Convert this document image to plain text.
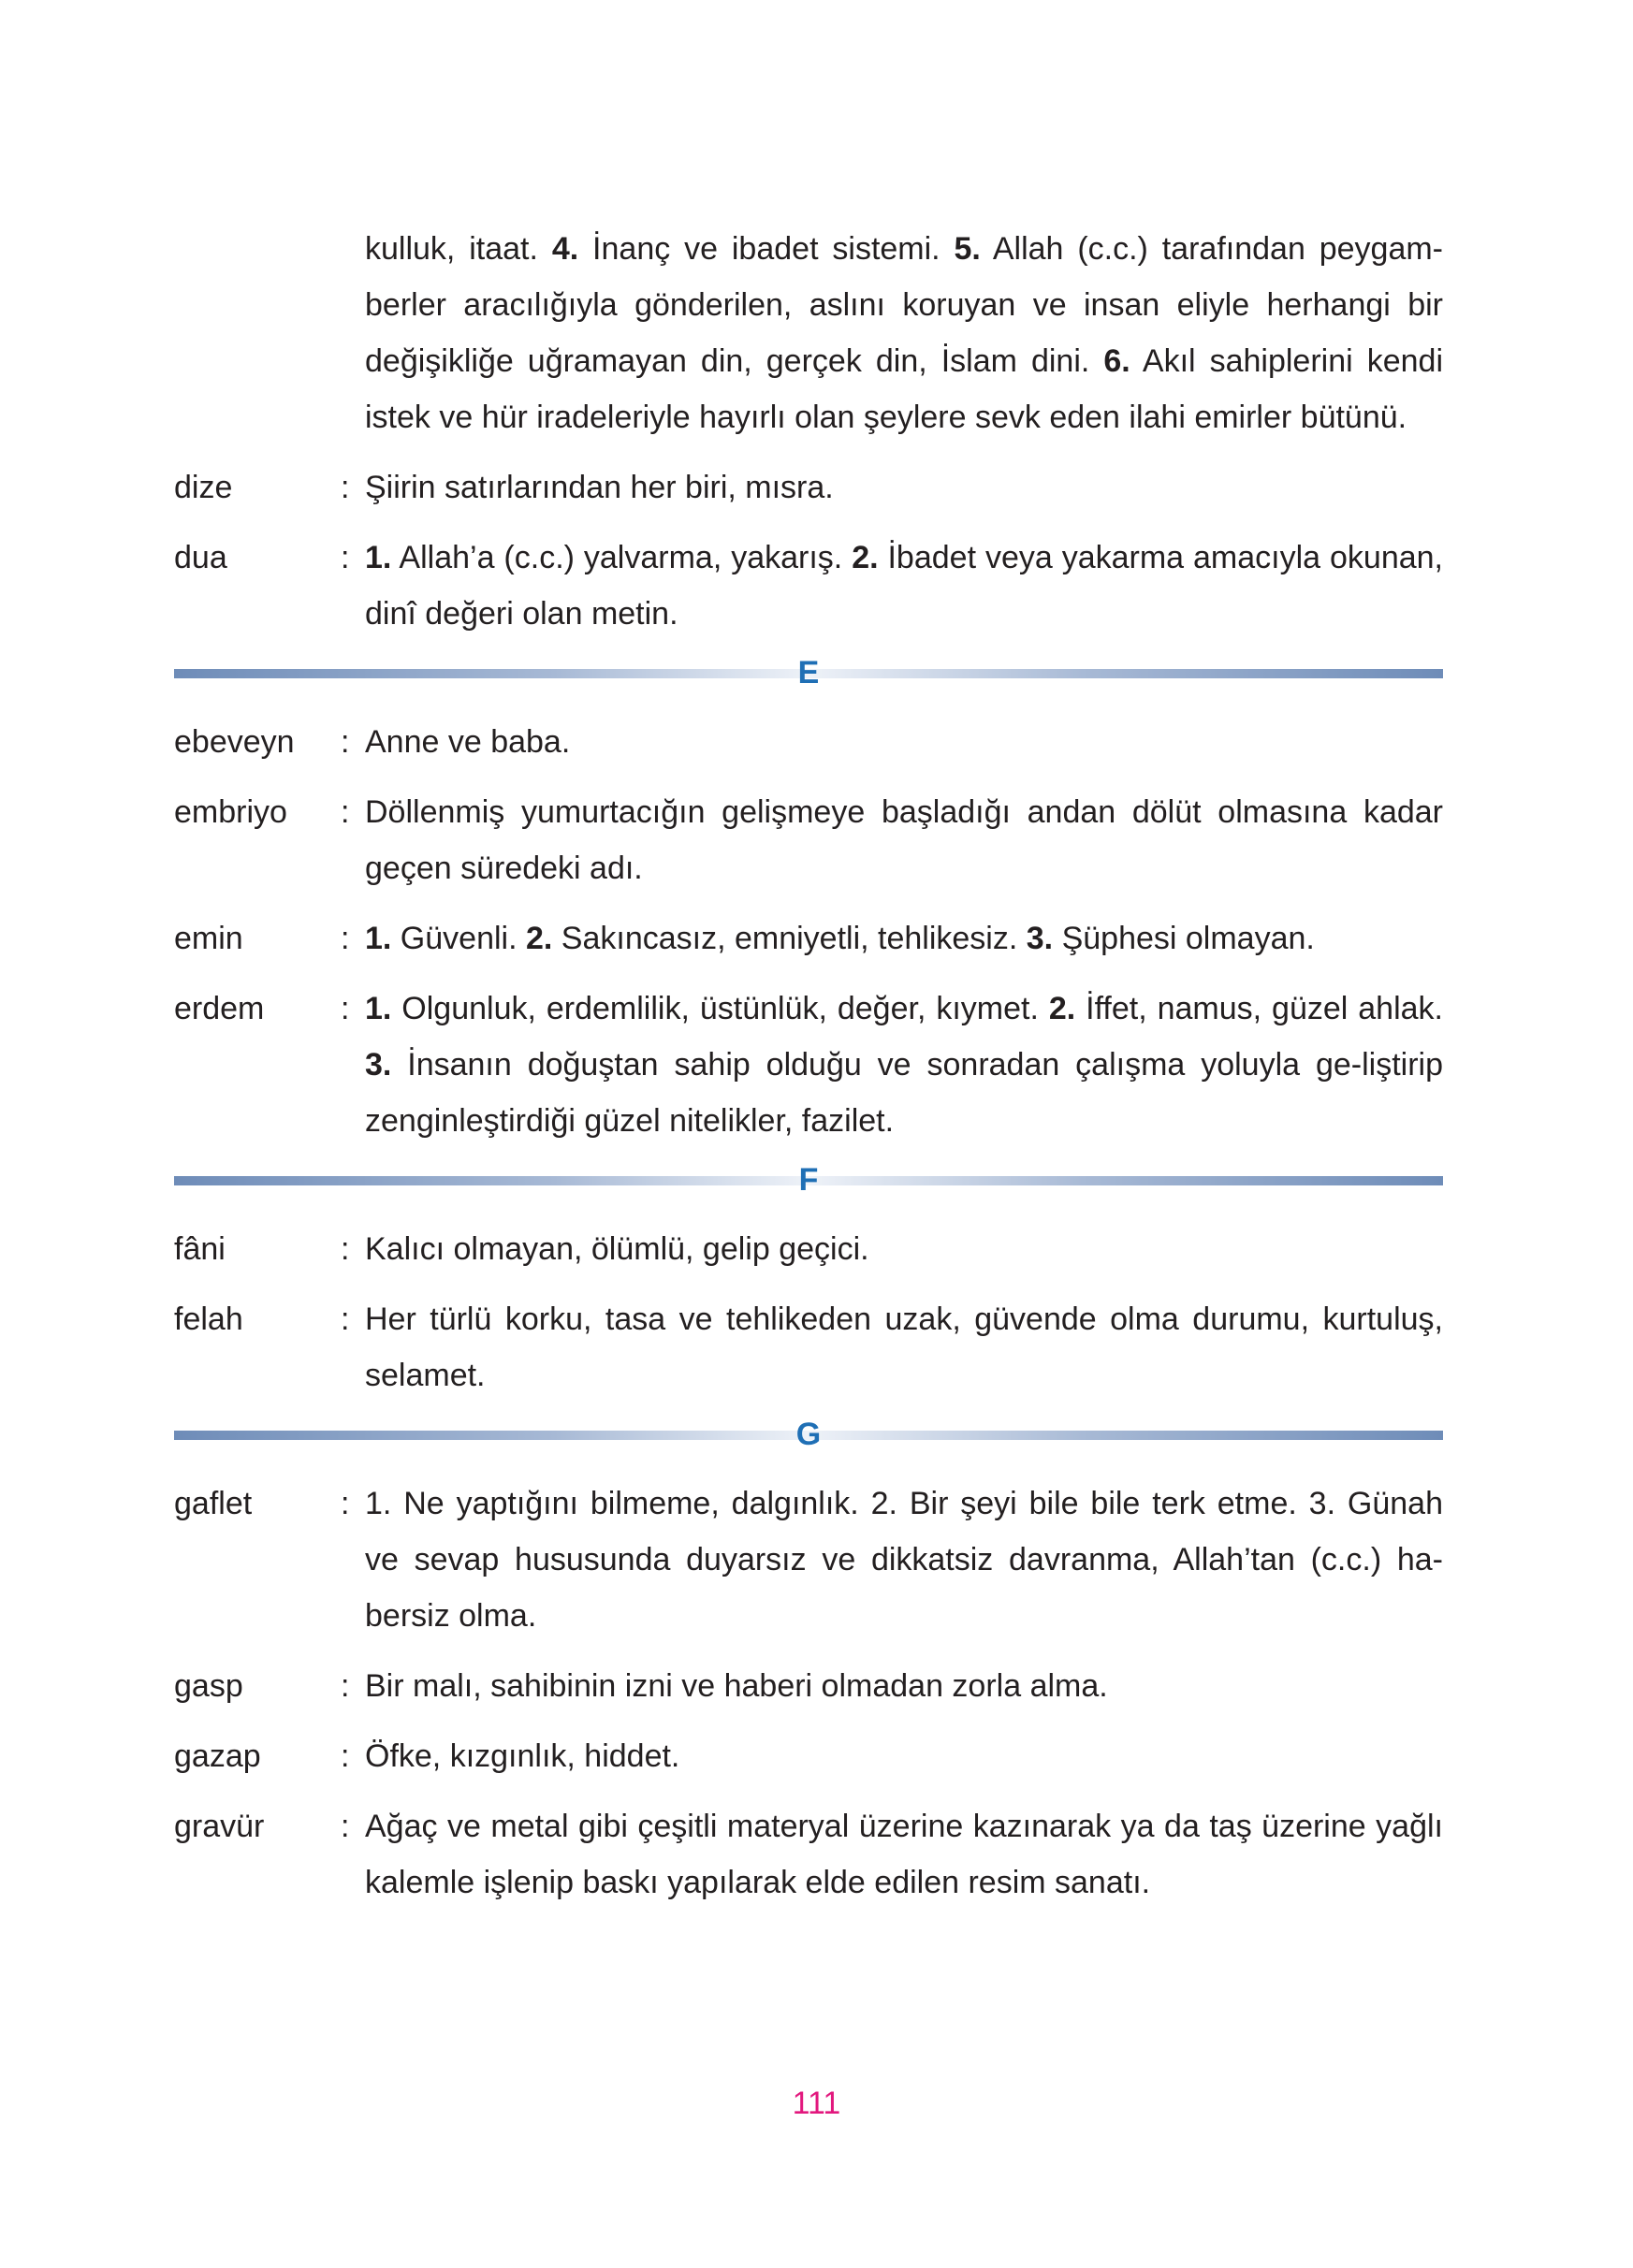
kulluk, itaat. 4. İnanç ve ibadet sistemi. 5. Allah (c.c.) tarafından peygam-berler aracılığıyla gönderilen, aslını koruyan ve insan eliyle herhangi bir değişikliğe uğramayan din, gerçek din, İslam dini. 6. Akıl sahiplerini kendi istek ve hür iradeleriyle hayırlı olan şeylere sevk eden ilahi emirler bütünü.
dize	: Şiirin satırlarından her biri, mısra.
dua	: 1. Allah’a (c.c.) yalvarma, yakarış. 2. İbadet veya yakarma amacıyla okunan, dinî değeri olan metin.
E
ebeveyn	: Anne ve baba.
embriyo	: Döllenmiş yumurtacığın gelişmeye başladığı andan dölüt olmasına kadar geçen süredeki adı.
emin	: 1. Güvenli. 2. Sakıncasız, emniyetli, tehlikesiz. 3. Şüphesi olmayan.
erdem	: 1. Olgunluk, erdemlilik, üstünlük, değer, kıymet. 2. İffet, namus, güzel ahlak. 3. İnsanın doğuştan sahip olduğu ve sonradan çalışma yoluyla ge-liştirip zenginleştirdiği güzel nitelikler, fazilet.
F
fâni	: Kalıcı olmayan, ölümlü, gelip geçici.
felah	: Her türlü korku, tasa ve tehlikeden uzak, güvende olma durumu, kurtuluş, selamet.
G
gaflet	: 1. Ne yaptığını bilmeme, dalgınlık. 2. Bir şeyi bile bile terk etme. 3. Günah ve sevap hususunda duyarsız ve dikkatsiz davranma, Allah’tan (c.c.) ha-bersiz olma.
gasp	: Bir malı, sahibinin izni ve haberi olmadan zorla alma.
gazap	: Öfke, kızgınlık, hiddet.
gravür	: Ağaç ve metal gibi çeşitli materyal üzerine kazınarak ya da taş üzerine yağlı kalemle işlenip baskı yapılarak elde edilen resim sanatı.
111
